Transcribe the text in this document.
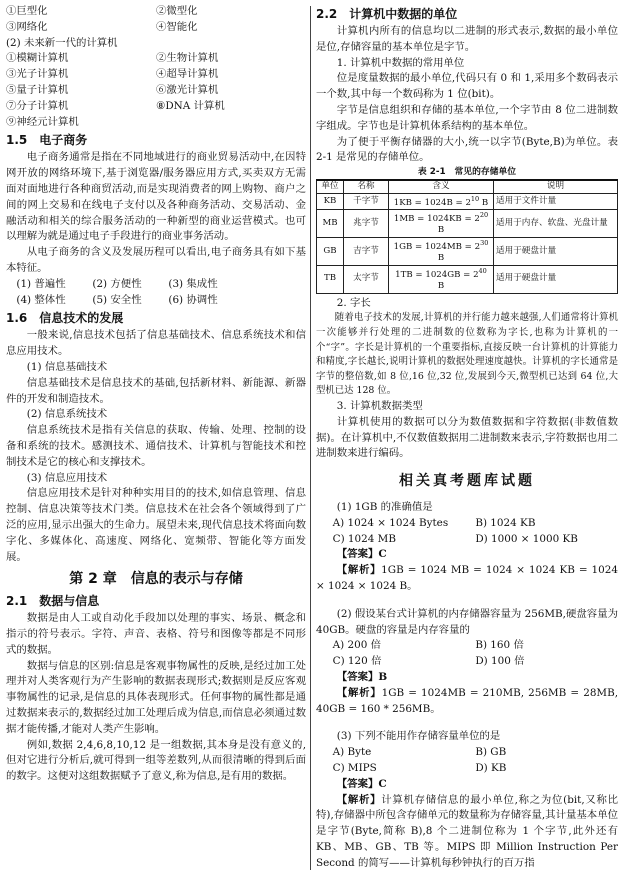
①巨型化	②微型化
③网络化	④智能化

(2) 未来新一代的计算机

①模糊计算机	②生物计算机
③光子计算机	④超导计算机
⑤量子计算机	⑥激光计算机
⑦分子计算机	⑧DNA 计算机
⑨神经元计算机
1.5　电子商务

电子商务通常是指在不同地域进行的商业贸易活动中,在因特网开放的网络环境下,基于浏览器/服务器应用方式,买卖双方无需面对面地进行各种商贸活动,而是实现消费者的网上购物、商户之间的网上交易和在线电子支付以及各种商务活动、交易活动、金融活动和相关的综合服务活动的一种新型的商业运营模式。也可以理解为就是通过电子手段进行的商业事务活动。

从电子商务的含义及发展历程可以看出,电子商务具有如下基本特征。

(1) 普遍性	(2) 方便性	(3) 集成性
(4) 整体性	(5) 安全性	(6) 协调性
1.6　信息技术的发展

一般来说,信息技术包括了信息基础技术、信息系统技术和信息应用技术。

(1) 信息基础技术

信息基础技术是信息技术的基础,包括新材料、新能源、新器件的开发和制造技术。

(2) 信息系统技术

信息系统技术是指有关信息的获取、传输、处理、控制的设备和系统的技术。感测技术、通信技术、计算机与智能技术和控制技术是它的核心和支撑技术。

(3) 信息应用技术

信息应用技术是针对种种实用目的的技术,如信息管理、信息控制、信息决策等技术门类。信息技术在社会各个领域得到了广泛的应用,显示出强大的生命力。展望未来,现代信息技术将面向数字化、多媒体化、高速度、网络化、宽频带、智能化等方面发展。

第 2 章　信息的表示与存储
2.1　数据与信息

数据是由人工或自动化手段加以处理的事实、场景、概念和指示的符号表示。字符、声音、表格、符号和图像等都是不同形式的数据。

数据与信息的区别:信息是客观事物属性的反映,是经过加工处理并对人类客观行为产生影响的数据表现形式;数据则是反应客观事物属性的记录,是信息的具体表现形式。任何事物的属性都是通过数据来表示的,数据经过加工处理后成为信息,而信息必须通过数据才能传播,才能对人类产生影响。

例如,数据 2,4,6,8,10,12 是一组数据,其本身是没有意义的,但对它进行分析后,就可得到一组等差数列,从而很清晰的得到后面的数字。这便对这组数据赋予了意义,称为信息,是有用的数据。

2.2　计算机中数据的单位

计算机内所有的信息均以二进制的形式表示,数据的最小单位是位,存储容量的基本单位是字节。

1. 计算机中数据的常用单位

位是度量数据的最小单位,代码只有 0 和 1,采用多个数码表示一个数,其中每一个数码称为 1 位(bit)。

字节是信息组织和存储的基本单位,一个字节由 8 位二进制数字组成。字节也是计算机体系结构的基本单位。

为了便于平衡存储器的大小,统一以字节(Byte,B)为单位。表 2-1 是常见的存储单位。

表 2-1　常见的存储单位
单位	名称	含义	说明
KB	千字节	$1KB = 1024B = 2^{10}$ B	适用于文件计量
MB	兆字节	$1MB = 1024KB = 2^{20}$ B	适用于内存、软盘、光盘计量
GB	吉字节	$1GB = 1024MB = 2^{30}$ B	适用于硬盘计量
TB	太字节	$1TB = 1024GB = 2^{40}$ B	适用于硬盘计量

2. 字长

随着电子技术的发展,计算机的并行能力越来越强,人们通常将计算机一次能够并行处理的二进制数的位数称为字长,也称为计算机的一个“字”。字长是计算机的一个重要指标,直接反映一台计算机的计算能力和精度,字长越长,说明计算机的数据处理速度越快。计算机的字长通常是字节的整倍数,如 8 位,16 位,32 位,发展到今天,微型机已达到 64 位,大型机已达 128 位。

3. 计算机数据类型

计算机使用的数据可以分为数值数据和字符数据(非数值数据)。在计算机中,不仅数值数据用二进制数来表示,字符数据也用二进制数来进行编码。

相关真考题库试题

(1) 1GB 的准确值是

A) 1024 × 1024 Bytes	B) 1024 KB
C) 1024 MB	D) 1000 × 1000 KB

【答案】C

【解析】1GB = 1024 MB = 1024 × 1024 KB = 1024 × 1024 × 1024 B。

(2) 假设某台式计算机的内存储器容量为 256MB,硬盘容量为 40GB。硬盘的容量是内存容量的

A) 200 倍	B) 160 倍
C) 120 倍	D) 100 倍

【答案】B

【解析】1GB = 1024MB = 210MB, 256MB = 28MB, 40GB = 160 * 256MB。

(3) 下列不能用作存储容量单位的是

A) Byte	B) GB
C) MIPS	D) KB

【答案】C

【解析】计算机存储信息的最小单位,称之为位(bit,又称比特),存储器中所包含存储单元的数量称为存储容量,其计量基本单位是字节(Byte,简称 B),8 个二进制位称为 1 个字节,此外还有 KB、MB、GB、TB 等。MIPS 即 Million Instruction Per Second 的简写——计算机每秒钟执行的百万指
